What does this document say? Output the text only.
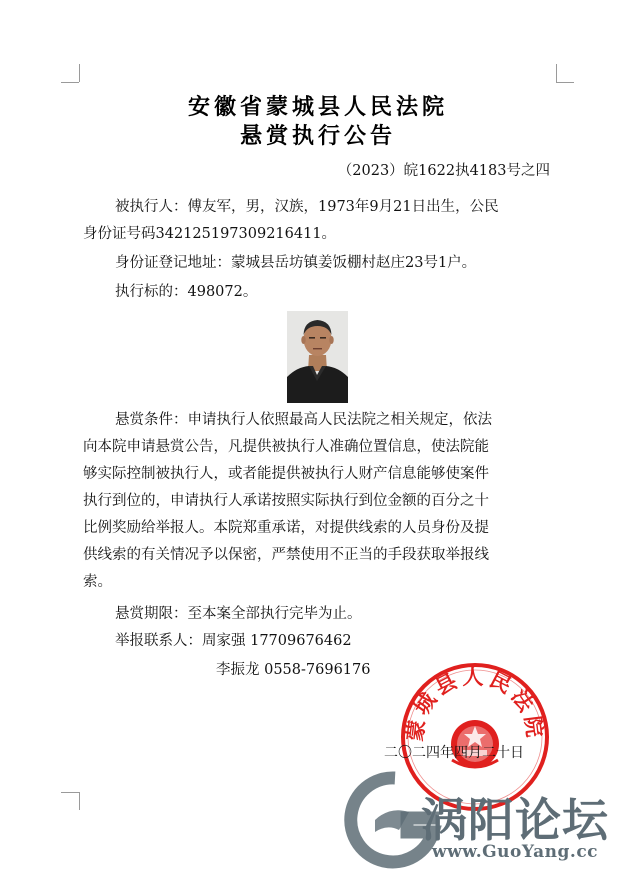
安徽省蒙城县人民法院
悬赏执行公告
（2023）皖1622执4183号之四
被执行人：傅友军，男，汉族，1973年9月21日出生，公民
身份证号码342125197309216411。
身份证登记地址：蒙城县岳坊镇姜饭棚村赵庄23号1户。
执行标的：498072。
悬赏条件：申请执行人依照最高人民法院之相关规定，依法
向本院申请悬赏公告，凡提供被执行人准确位置信息，使法院能
够实际控制被执行人，或者能提供被执行人财产信息能够使案件
执行到位的，申请执行人承诺按照实际执行到位金额的百分之十
比例奖励给举报人。本院郑重承诺，对提供线索的人员身份及提
供线索的有关情况予以保密，严禁使用不正当的手段获取举报线
索。
悬赏期限：至本案全部执行完毕为止。
举报联系人：周家强 17709676462
李振龙 0558-7696176
蒙城县人民法院
二〇二四年四月二十日
涡阳论坛
www.GuoYang.cc
